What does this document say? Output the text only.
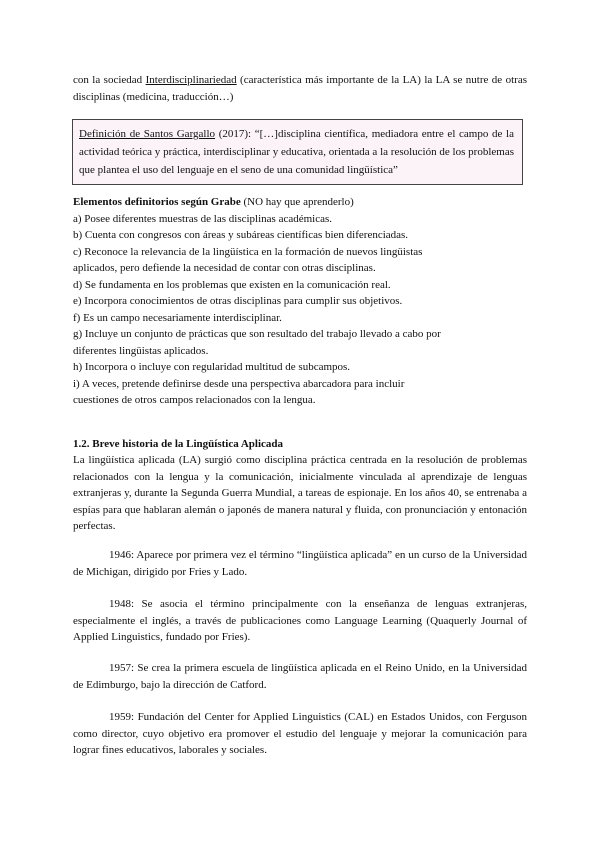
con la sociedad Interdisciplinariedad (característica más importante de la LA) la LA se nutre de otras disciplinas (medicina, traducción…)

Definición de Santos Gargallo (2017): “[…]disciplina científica, mediadora entre el campo de la actividad teórica y práctica, interdisciplinar y educativa, orientada a la resolución de los problemas que plantea el uso del lenguaje en el seno de una comunidad lingüística”

Elementos definitorios según Grabe (NO hay que aprenderlo)

a) Posee diferentes muestras de las disciplinas académicas.

b) Cuenta con congresos con áreas y subáreas científicas bien diferenciadas.

c) Reconoce la relevancia de la lingüística en la formación de nuevos lingüistas

aplicados, pero defiende la necesidad de contar con otras disciplinas.

d) Se fundamenta en los problemas que existen en la comunicación real.

e) Incorpora conocimientos de otras disciplinas para cumplir sus objetivos.

f) Es un campo necesariamente interdisciplinar.

g) Incluye un conjunto de prácticas que son resultado del trabajo llevado a cabo por

diferentes lingüistas aplicados.

h) Incorpora o incluye con regularidad multitud de subcampos.

i) A veces, pretende definirse desde una perspectiva abarcadora para incluir

cuestiones de otros campos relacionados con la lengua.

1.2. Breve historia de la Lingüística Aplicada

La lingüística aplicada (LA) surgió como disciplina práctica centrada en la resolución de problemas relacionados con la lengua y la comunicación, inicialmente vinculada al aprendizaje de lenguas extranjeras y, durante la Segunda Guerra Mundial, a tareas de espionaje. En los años 40, se entrenaba a espías para que hablaran alemán o japonés de manera natural y fluida, con pronunciación y entonación perfectas.

1946: Aparece por primera vez el término “lingüística aplicada” en un curso de la Universidad de Michigan, dirigido por Fries y Lado.

1948: Se asocia el término principalmente con la enseñanza de lenguas extranjeras, especialmente el inglés, a través de publicaciones como Language Learning (Quaquerly Journal of Applied Linguistics, fundado por Fries).

1957: Se crea la primera escuela de lingüística aplicada en el Reino Unido, en la Universidad de Edimburgo, bajo la dirección de Catford.

1959: Fundación del Center for Applied Linguistics (CAL) en Estados Unidos, con Ferguson como director, cuyo objetivo era promover el estudio del lenguaje y mejorar la comunicación para lograr fines educativos, laborales y sociales.
